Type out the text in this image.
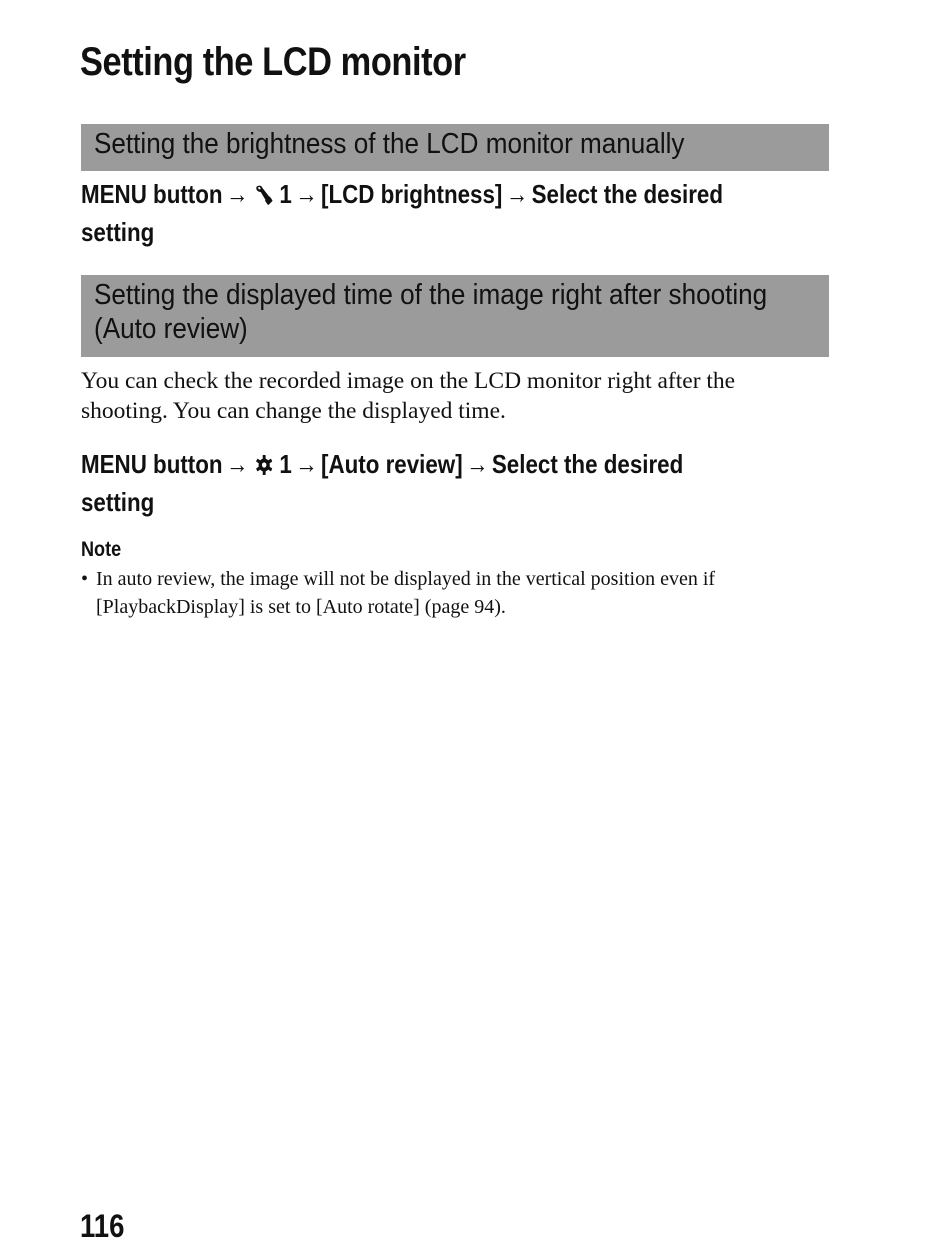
Setting the LCD monitor
Setting the brightness of the LCD monitor manually
MENU button → 1 → [LCD brightness] → Select the desired
setting
Setting the displayed time of the image right after shooting
(Auto review)

You can check the recorded image on the LCD monitor right after the
shooting. You can change the displayed time.

MENU button → 1 → [Auto review] → Select the desired
setting
Note
• In auto review, the image will not be displayed in the vertical position even if
[PlaybackDisplay] is set to [Auto rotate] (page 94).
116
